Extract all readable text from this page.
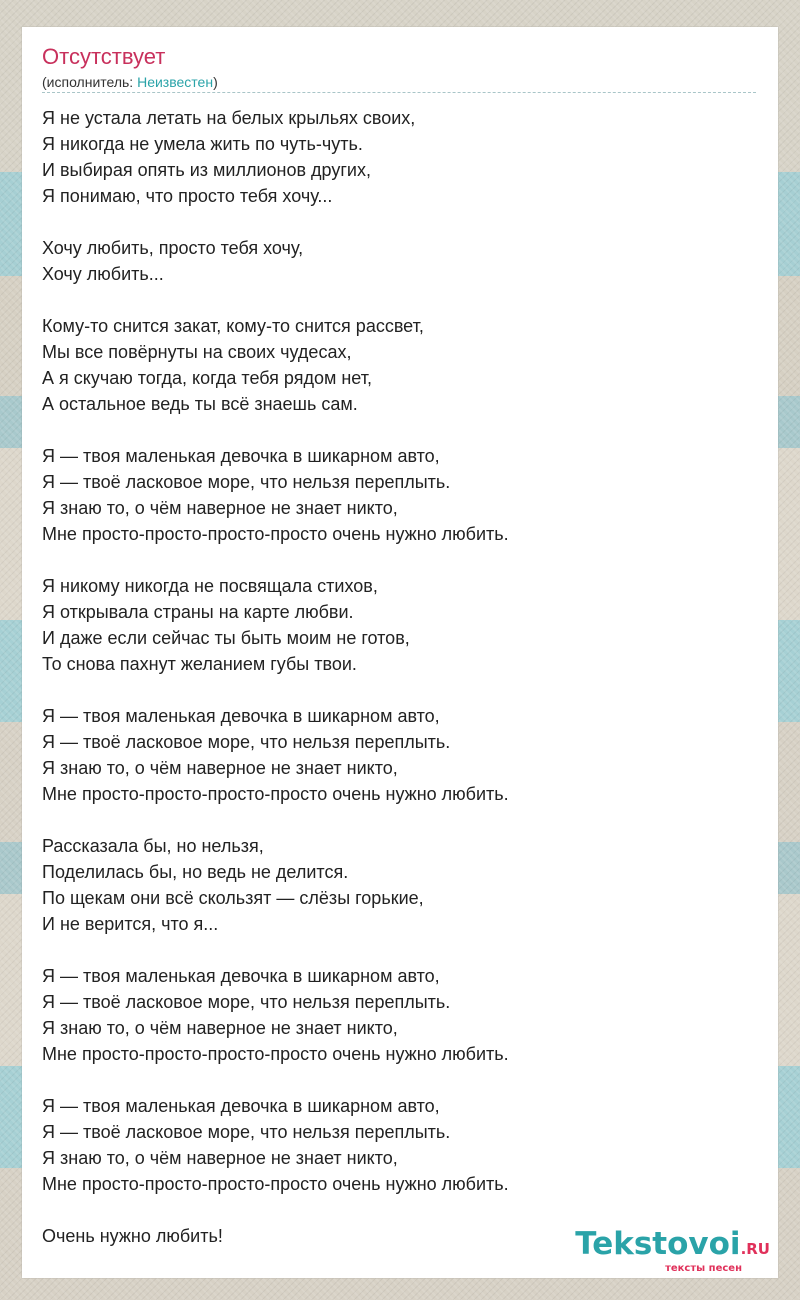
Отсутствует
(исполнитель: Неизвестен)
Я не устала летать на белых крыльях своих,
Я никогда не умела жить по чуть-чуть.
И выбирая опять из миллионов других,
Я понимаю, что просто тебя хочу...
Хочу любить, просто тебя хочу,
Хочу любить...
Кому-то снится закат, кому-то снится рассвет,
Мы все повёрнуты на своих чудесах,
А я скучаю тогда, когда тебя рядом нет,
А остальное ведь ты всё знаешь сам.
Я — твоя маленькая девочка в шикарном авто,
Я — твоё ласковое море, что нельзя переплыть.
Я знаю то, о чём наверное не знает никто,
Мне просто-просто-просто-просто очень нужно любить.
Я никому никогда не посвящала стихов,
Я открывала страны на карте любви.
И даже если сейчас ты быть моим не готов,
То снова пахнут желанием губы твои.
Я — твоя маленькая девочка в шикарном авто,
Я — твоё ласковое море, что нельзя переплыть.
Я знаю то, о чём наверное не знает никто,
Мне просто-просто-просто-просто очень нужно любить.
Рассказала бы, но нельзя,
Поделилась бы, но ведь не делится.
По щекам они всё скользят — слёзы горькие,
И не верится, что я...
Я — твоя маленькая девочка в шикарном авто,
Я — твоё ласковое море, что нельзя переплыть.
Я знаю то, о чём наверное не знает никто,
Мне просто-просто-просто-просто очень нужно любить.
Я — твоя маленькая девочка в шикарном авто,
Я — твоё ласковое море, что нельзя переплыть.
Я знаю то, о чём наверное не знает никто,
Мне просто-просто-просто-просто очень нужно любить.
Очень нужно любить!	Tekstovoi.RU
тексты песен
